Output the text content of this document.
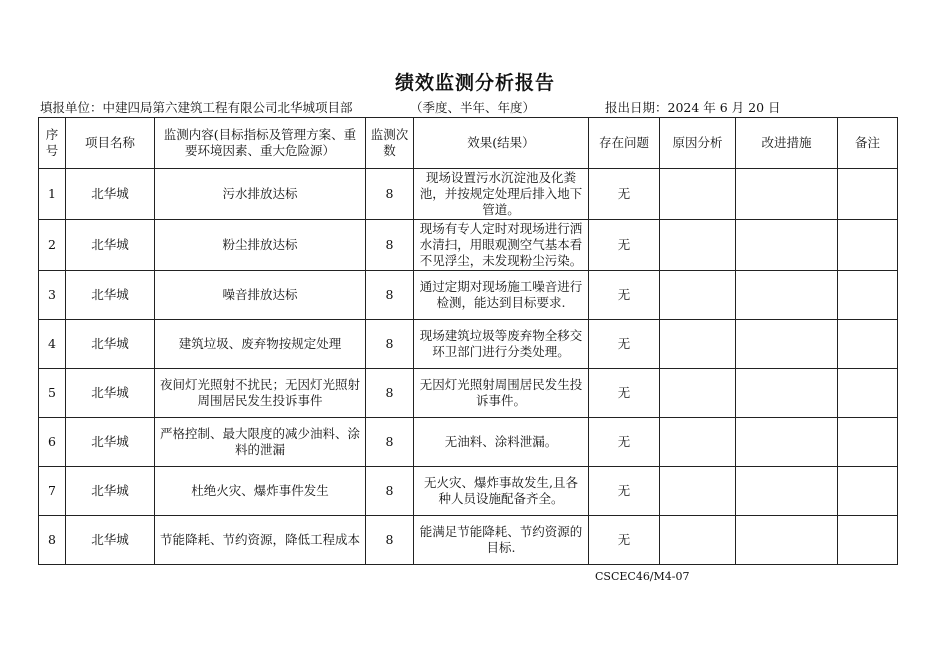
绩效监测分析报告
填报单位：中建四局第六建筑工程有限公司北华城项目部	（季度、半年、年度）	报出日期：2024 年 6 月 20 日
序号	项目名称	监测内容(目标指标及管理方案、重要环境因素、重大危险源）	监测次数	效果(结果）	存在问题	原因分析	改进措施	备注
1	北华城	污水排放达标	8	现场设置污水沉淀池及化粪池，并按规定处理后排入地下管道。	无			
2	北华城	粉尘排放达标	8	现场有专人定时对现场进行洒水清扫，用眼观测空气基本看不见浮尘，未发现粉尘污染。	无			
3	北华城	噪音排放达标	8	通过定期对现场施工噪音进行检测，能达到目标要求.	无			
4	北华城	建筑垃圾、废弃物按规定处理	8	现场建筑垃圾等废弃物全移交环卫部门进行分类处理。	无			
5	北华城	夜间灯光照射不扰民；无因灯光照射周围居民发生投诉事件	8	无因灯光照射周围居民发生投诉事件。	无			
6	北华城	严格控制、最大限度的减少油料、涂料的泄漏	8	无油料、涂料泄漏。	无			
7	北华城	杜绝火灾、爆炸事件发生	8	无火灾、爆炸事故发生,且各种人员设施配备齐全。	无			
8	北华城	节能降耗、节约资源，降低工程成本	8	能满足节能降耗、节约资源的目标.	无			
CSCEC46/M4-07
